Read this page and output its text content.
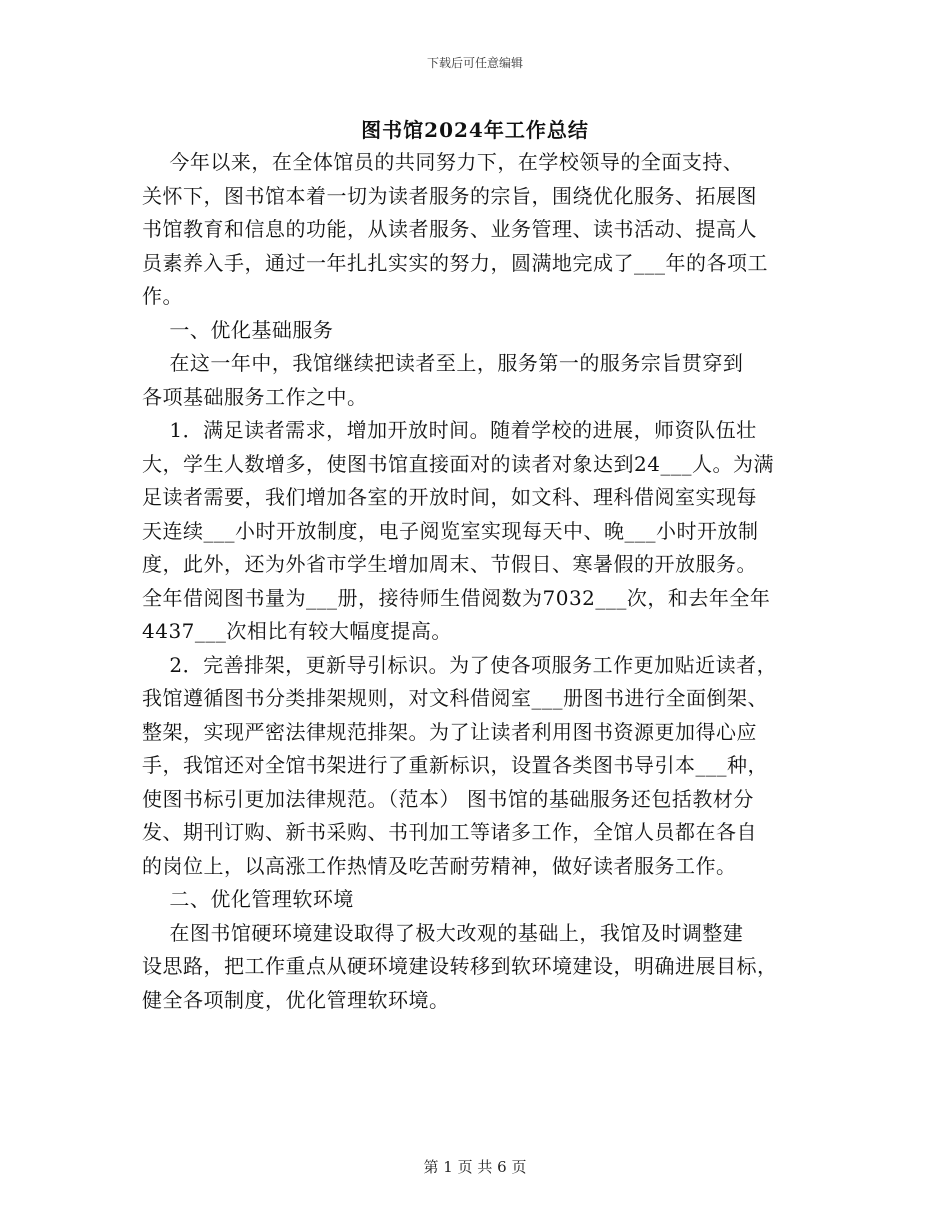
下载后可任意编辑
图书馆2024年工作总结
今年以来，在全体馆员的共同努力下，在学校领导的全面支持、
关怀下，图书馆本着一切为读者服务的宗旨，围绕优化服务、拓展图
书馆教育和信息的功能，从读者服务、业务管理、读书活动、提高人
员素养入手，通过一年扎扎实实的努力，圆满地完成了___年的各项工
作。
一、优化基础服务
在这一年中，我馆继续把读者至上，服务第一的服务宗旨贯穿到
各项基础服务工作之中。
1．满足读者需求，增加开放时间。随着学校的进展，师资队伍壮
大，学生人数增多，使图书馆直接面对的读者对象达到24___人。为满
足读者需要，我们增加各室的开放时间，如文科、理科借阅室实现每
天连续___小时开放制度，电子阅览室实现每天中、晚___小时开放制
度，此外，还为外省市学生增加周末、节假日、寒暑假的开放服务。
全年借阅图书量为___册，接待师生借阅数为7032___次，和去年全年
4437___次相比有较大幅度提高。
2．完善排架，更新导引标识。为了使各项服务工作更加贴近读者，
我馆遵循图书分类排架规则，对文科借阅室___册图书进行全面倒架、
整架，实现严密法律规范排架。为了让读者利用图书资源更加得心应
手，我馆还对全馆书架进行了重新标识，设置各类图书导引本___种，
使图书标引更加法律规范。（范本） 图书馆的基础服务还包括教材分
发、期刊订购、新书采购、书刊加工等诸多工作，全馆人员都在各自
的岗位上，以高涨工作热情及吃苦耐劳精神，做好读者服务工作。
二、优化管理软环境
在图书馆硬环境建设取得了极大改观的基础上，我馆及时调整建
设思路，把工作重点从硬环境建设转移到软环境建设，明确进展目标，
健全各项制度，优化管理软环境。
第 1 页 共 6 页
